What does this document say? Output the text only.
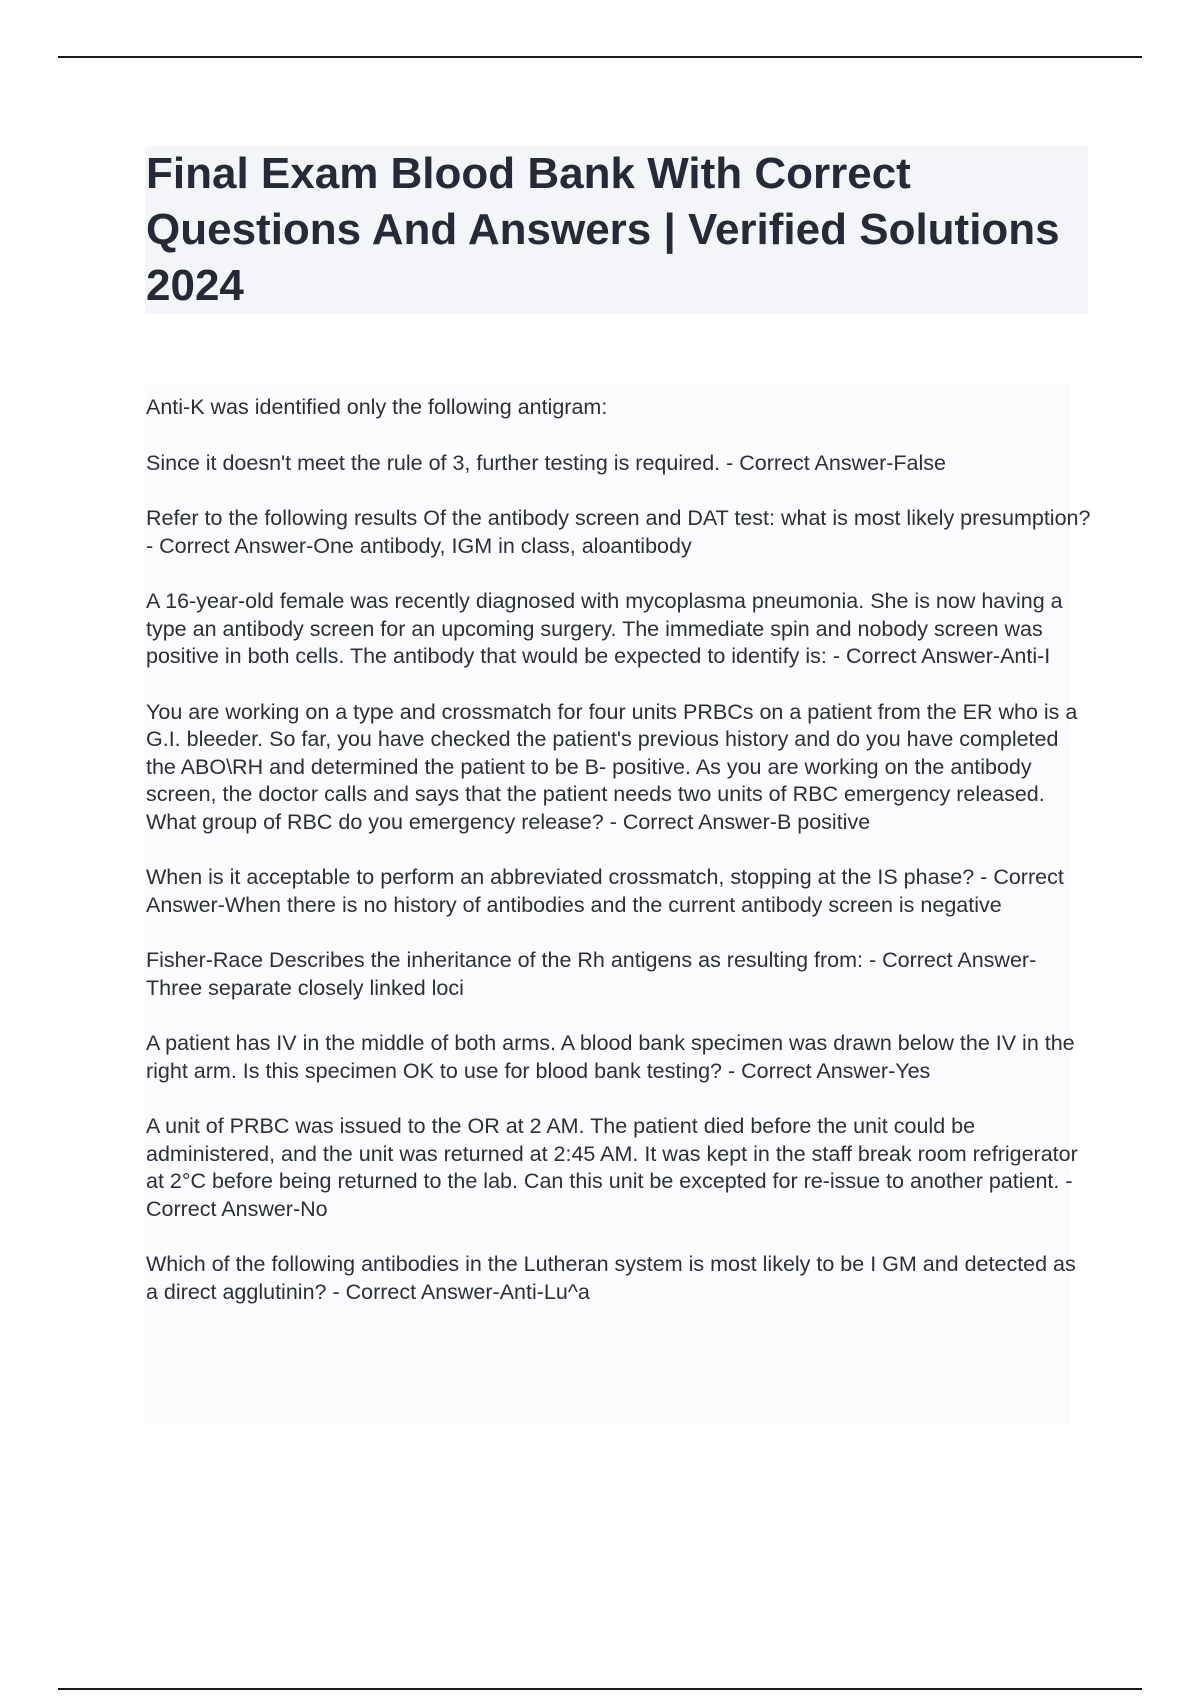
Final Exam Blood Bank With Correct Questions And Answers | Verified Solutions 2024

Anti-K was identified only the following antigram:

Since it doesn't meet the rule of 3, further testing is required. - Correct Answer-False

Refer to the following results Of the antibody screen and DAT test: what is most likely presumption? - Correct Answer-One antibody, IGM in class, aloantibody

A 16-year-old female was recently diagnosed with mycoplasma pneumonia. She is now having a type an antibody screen for an upcoming surgery. The immediate spin and nobody screen was positive in both cells. The antibody that would be expected to identify is: - Correct Answer-Anti-I

You are working on a type and crossmatch for four units PRBCs on a patient from the ER who is a G.I. bleeder. So far, you have checked the patient's previous history and do you have completed the ABO\RH and determined the patient to be B- positive. As you are working on the antibody screen, the doctor calls and says that the patient needs two units of RBC emergency released. What group of RBC do you emergency release? - Correct Answer-B positive

When is it acceptable to perform an abbreviated crossmatch, stopping at the IS phase? - Correct Answer-When there is no history of antibodies and the current antibody screen is negative

Fisher-Race Describes the inheritance of the Rh antigens as resulting from: - Correct Answer-Three separate closely linked loci

A patient has IV in the middle of both arms. A blood bank specimen was drawn below the IV in the right arm. Is this specimen OK to use for blood bank testing? - Correct Answer-Yes

A unit of PRBC was issued to the OR at 2 AM. The patient died before the unit could be administered, and the unit was returned at 2:45 AM. It was kept in the staff break room refrigerator at 2°C before being returned to the lab. Can this unit be excepted for re-issue to another patient. - Correct Answer-No

Which of the following antibodies in the Lutheran system is most likely to be I GM and detected as a direct agglutinin? - Correct Answer-Anti-Lu^a
